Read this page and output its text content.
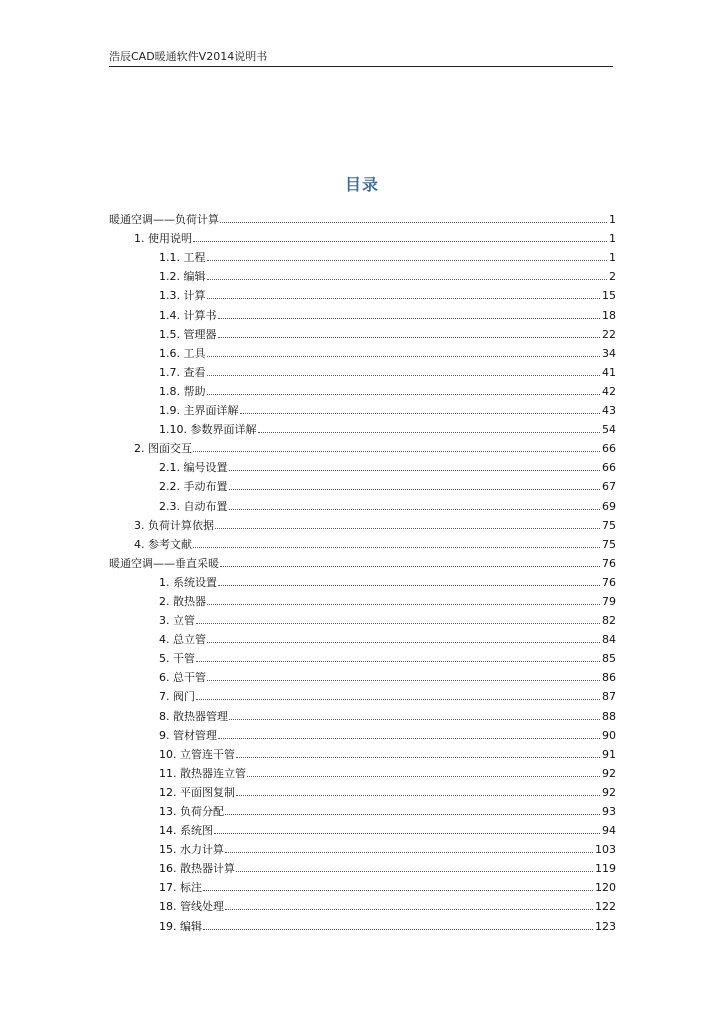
浩辰CAD暖通软件V2014说明书
目录
暖通空调——负荷计算	1
1. 使用说明	1
1.1. 工程	1
1.2. 编辑	2
1.3. 计算	15
1.4. 计算书	18
1.5. 管理器	22
1.6. 工具	34
1.7. 查看	41
1.8. 帮助	42
1.9. 主界面详解	43
1.10. 参数界面详解	54
2. 图面交互	66
2.1. 编号设置	66
2.2. 手动布置	67
2.3. 自动布置	69
3. 负荷计算依据	75
4. 参考文献	75
暖通空调——垂直采暖	76
1. 系统设置	76
2. 散热器	79
3. 立管	82
4. 总立管	84
5. 干管	85
6. 总干管	86
7. 阀门	87
8. 散热器管理	88
9. 管材管理	90
10. 立管连干管	91
11. 散热器连立管	92
12. 平面图复制	92
13. 负荷分配	93
14. 系统图	94
15. 水力计算	103
16. 散热器计算	119
17. 标注	120
18. 管线处理	122
19. 编辑	123
